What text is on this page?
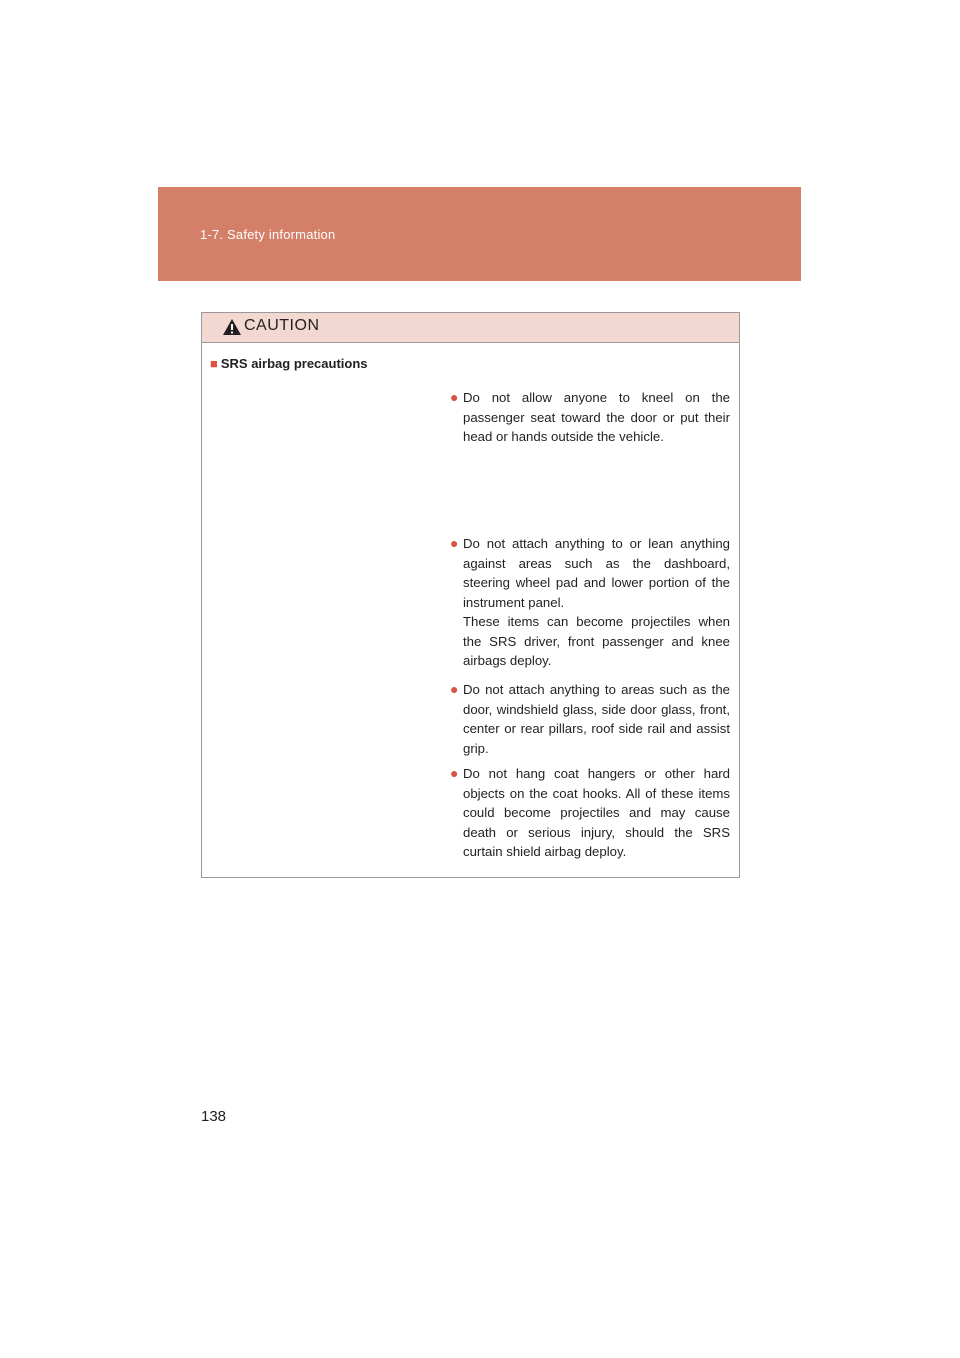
1-7. Safety information
CAUTION
■ SRS airbag precautions
● Do not allow anyone to kneel on the passenger seat toward the door or put their head or hands outside the vehicle.
● Do not attach anything to or lean anything against areas such as the dashboard, steering wheel pad and lower portion of the instrument panel.
These items can become projectiles when the SRS driver, front passenger and knee airbags deploy.
● Do not attach anything to areas such as the door, windshield glass, side door glass, front, center or rear pillars, roof side rail and assist grip.
● Do not hang coat hangers or other hard objects on the coat hooks. All of these items could become projectiles and may cause death or serious injury, should the SRS curtain shield airbag deploy.
138
